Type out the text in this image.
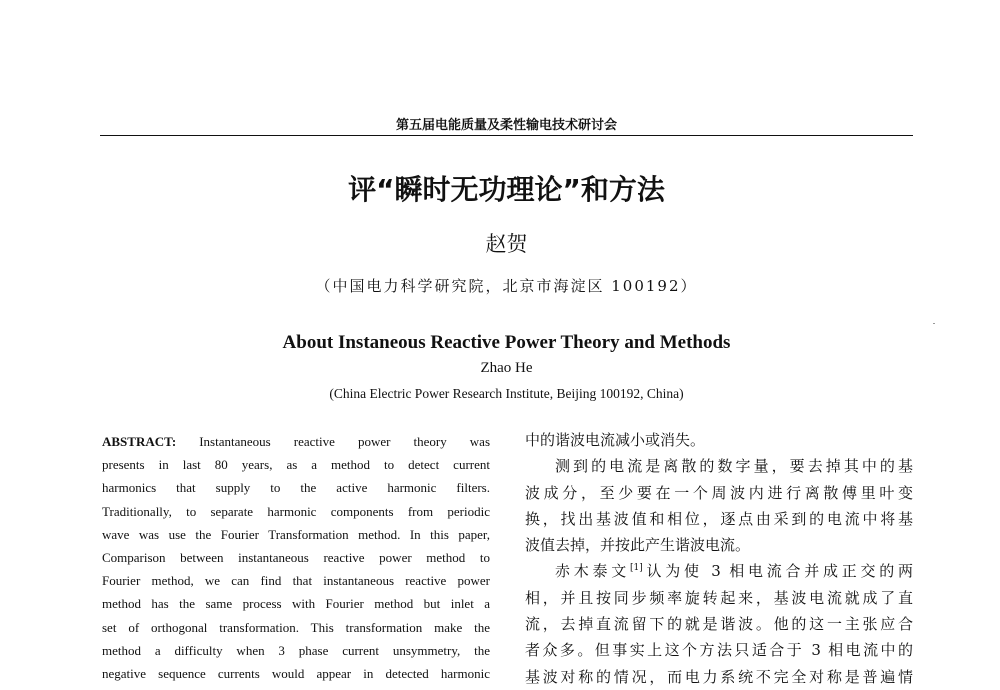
第五届电能质量及柔性输电技术研讨会
评“瞬时无功理论”和方法
赵贺
（中国电力科学研究院，北京市海淀区 100192）
About Instaneous Reactive Power Theory and Methods
Zhao He
(China Electric Power Research Institute, Beijing 100192, China)
ABSTRACT: Instantaneous reactive power theory was
presents in last 80 years, as a method to detect current
harmonics that supply to the active harmonic filters.
Traditionally, to separate harmonic components from periodic
wave was use the Fourier Transformation method. In this paper,
Comparison between instantaneous reactive power method to
Fourier method, we can find that instantaneous reactive power
method has the same process with Fourier method but inlet a
set of orthogonal transformation. This transformation make the
method a difficulty when 3 phase current unsymmetry, the
negative sequence currents would appear in detected harmonic
中的谐波电流减小或消失。
测到的电流是离散的数字量，要去掉其中的基
波成分，至少要在一个周波内进行离散傅里叶变
换，找出基波值和相位，逐点由采到的电流中将基
波值去掉，并按此产生谐波电流。
赤木泰文[1]认为使 3 相电流合并成正交的两
相，并且按同步频率旋转起来，基波电流就成了直
流，去掉直流留下的就是谐波。他的这一主张应合
者众多。但事实上这个方法只适合于 3 相电流中的
基波对称的情况，而电力系统不完全对称是普遍情
